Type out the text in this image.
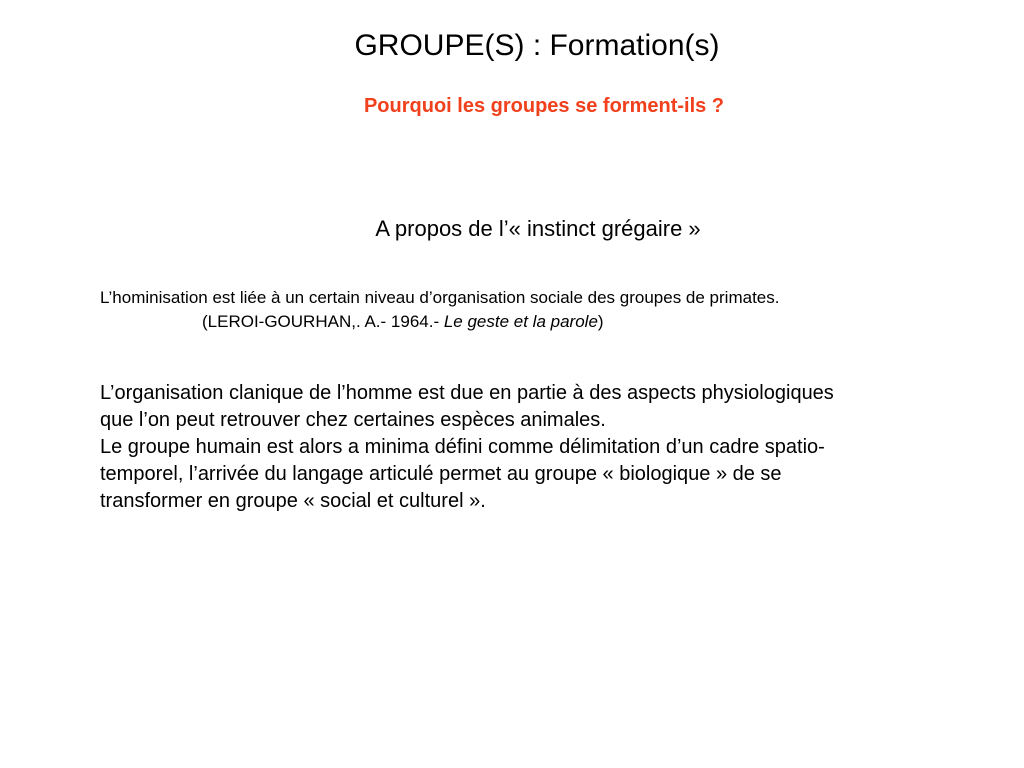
GROUPE(S) : Formation(s)
Pourquoi les groupes se forment-ils ?
A propos de l’« instinct grégaire »
L’hominisation est liée à un certain niveau d’organisation sociale des groupes de primates.
(LEROI-GOURHAN,. A.- 1964.- Le geste et la parole)
L’organisation clanique de l’homme est due en partie à des aspects physiologiques
que l’on peut retrouver chez certaines espèces animales.
Le groupe humain est alors a minima défini comme délimitation d’un cadre spatio-
temporel, l’arrivée du langage articulé permet au groupe « biologique » de se
transformer en groupe « social et culturel ».
